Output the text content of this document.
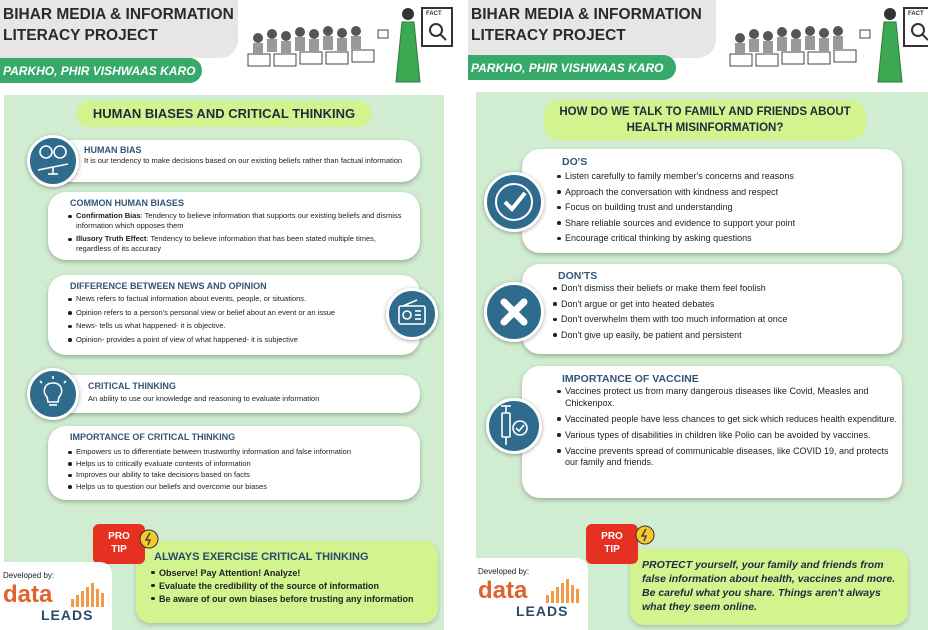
BIHAR MEDIA & INFORMATION
LITERACY PROJECT
PARKHO, PHIR VISHWAAS KARO
FACT
HUMAN BIASES AND CRITICAL THINKING
HUMAN BIAS
It is our tendency to make decisions based on our existing beliefs rather than factual information
COMMON HUMAN BIASES
Confirmation Bias: Tendency to believe information that supports our existing beliefs and dismiss information which opposes them
Illusory Truth Effect: Tendency to believe information that has been stated multiple times, regardless of its accuracy
DIFFERENCE BETWEEN NEWS AND OPINION
News refers to factual information about events, people, or situations.
Opinion refers to a person's personal view or belief about an event or an issue
News- tells us what happened- it is objective.
Opinion- provides a point of view of what happened- it is subjective
CRITICAL THINKING
An ability to use our knowledge and reasoning to evaluate information
IMPORTANCE OF CRITICAL THINKING
Empowers us to differentiate between trustworthy information and false information
Helps us to critically evaluate contents of information
Improves our ability to take decisions based on facts
Helps us to question our beliefs and overcome our biases
ALWAYS EXERCISE CRITICAL THINKING
Observe! Pay Attention! Analyze!
Evaluate the credibility of the source of information
Be aware of our own biases before trusting any information
PRO
TIP
Developed by:
data
LEADS
BIHAR MEDIA & INFORMATION
LITERACY PROJECT
PARKHO, PHIR VISHWAAS KARO
FACT
HOW DO WE TALK TO FAMILY AND FRIENDS ABOUT
HEALTH MISINFORMATION?
DO'S
Listen carefully to family member's concerns and reasons
Approach the conversation with kindness and respect
Focus on building trust and understanding
Share reliable sources and evidence to support your point
Encourage critical thinking by asking questions
DON'TS
Don't dismiss their beliefs or make them feel foolish
Don't argue or get into heated debates
Don't overwhelm them with too much information at once
Don't give up easily, be patient and persistent
IMPORTANCE OF VACCINE
Vaccines protect us from many dangerous diseases like Covid, Measles and Chickenpox.
Vaccinated people have less chances to get sick which reduces health expenditure.
Various types of disabilities in children like Polio can be avoided by vaccines.
Vaccine prevents spread of communicable diseases, like COVID 19, and protects our family and friends.
PROTECT yourself, your family and friends from false information about health, vaccines and more. Be careful what you share. Things aren't always what they seem online.
PRO
TIP
Developed by:
data
LEADS
